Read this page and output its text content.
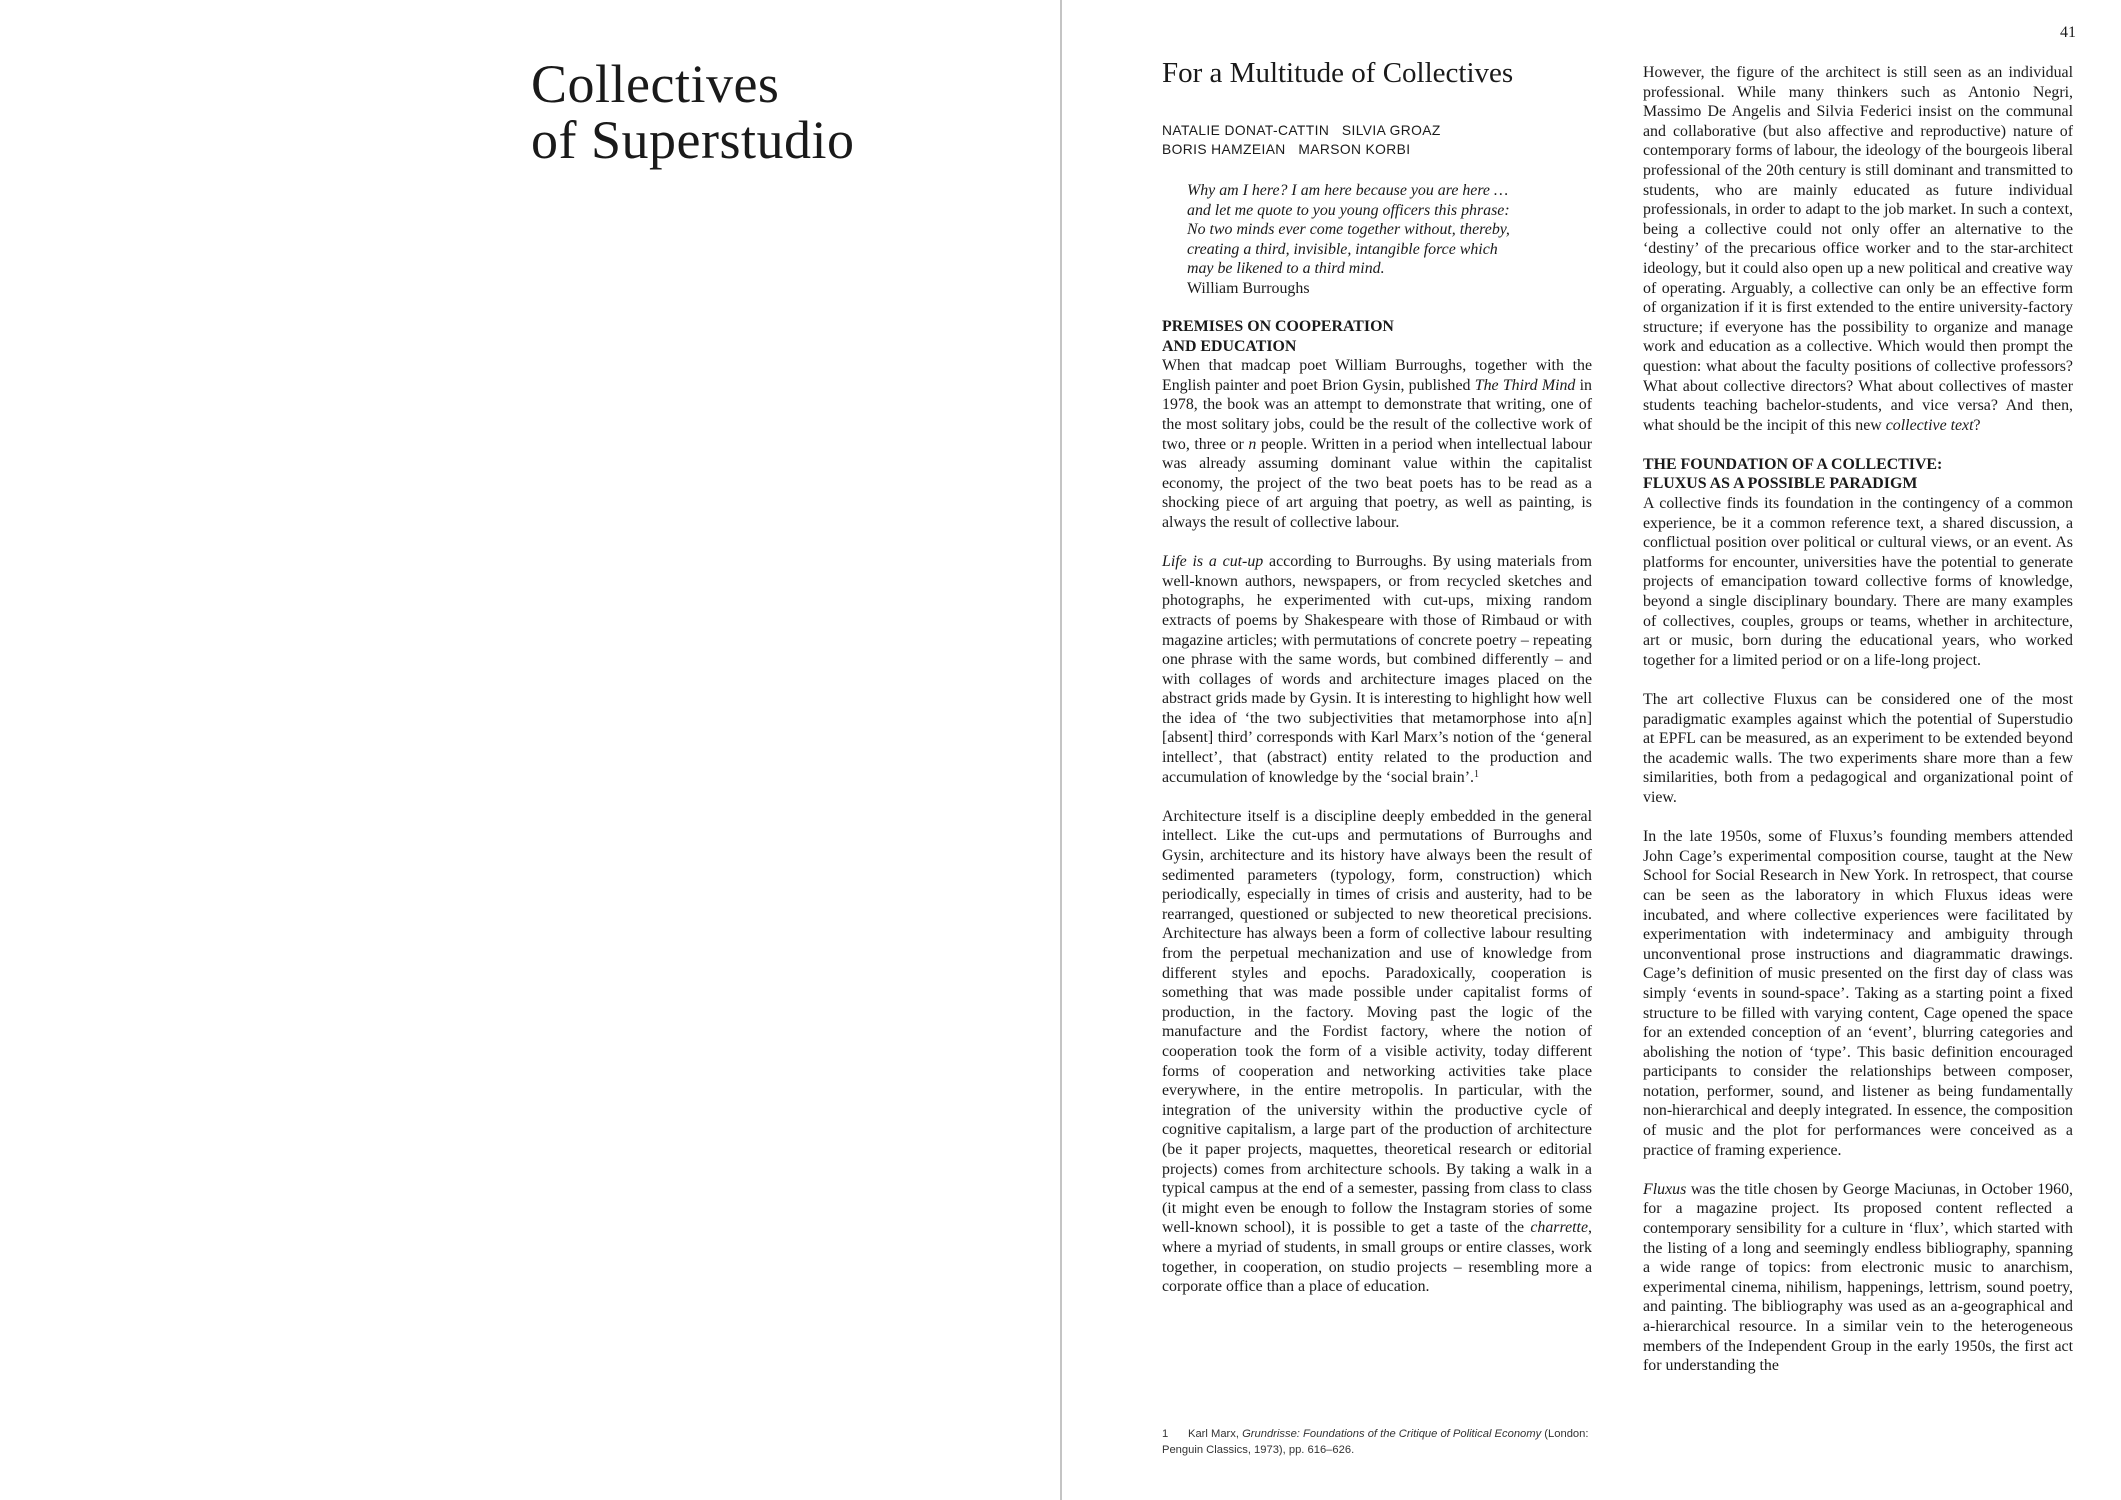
Collectives
of Superstudio
41
For a Multitude of Collectives
NATALIE DONAT-CATTIN   SILVIA GROAZ
BORIS HAMZEIAN   MARSON KORBI
Why am I here? I am here because you are here …
and let me quote to you young officers this phrase:
No two minds ever come together without, thereby,
creating a third, invisible, intangible force which
may be likened to a third mind.
William Burroughs
PREMISES ON COOPERATION
AND EDUCATION

When that madcap poet William Burroughs, together with the English painter and poet Brion Gysin, published The Third Mind in 1978, the book was an attempt to demonstrate that writing, one of the most solitary jobs, could be the result of the collective work of two, three or n people. Written in a period when intellectual labour was already assuming dominant value within the capitalist economy, the project of the two beat poets has to be read as a shocking piece of art arguing that poetry, as well as painting, is always the result of collective labour.

Life is a cut-up according to Burroughs. By using materials from well-known authors, newspapers, or from recycled sketches and photographs, he experimented with cut-ups, mixing random extracts of poems by Shakespeare with those of Rimbaud or with magazine articles; with permutations of concrete poetry – repeating one phrase with the same words, but combined differently – and with collages of words and architecture images placed on the abstract grids made by Gysin. It is interesting to highlight how well the idea of ‘the two subjectivities that metamorphose into a[n] [absent] third’ corresponds with Karl Marx’s notion of the ‘general intellect’, that (abstract) entity related to the production and accumulation of knowledge by the ‘social brain’.$^1$

Architecture itself is a discipline deeply embedded in the general intellect. Like the cut-ups and permutations of Burroughs and Gysin, architecture and its history have always been the result of sedimented parameters (typology, form, construction) which periodically, especially in times of crisis and austerity, had to be rearranged, questioned or subjected to new theoretical precisions. Architecture has always been a form of collective labour resulting from the perpetual mechanization and use of knowledge from different styles and epochs. Paradoxically, cooperation is something that was made possible under capitalist forms of production, in the factory. Moving past the logic of the manufacture and the Fordist factory, where the notion of cooperation took the form of a visible activity, today different forms of cooperation and networking activities take place everywhere, in the entire metropolis. In particular, with the integration of the university within the productive cycle of cognitive capitalism, a large part of the production of architecture (be it paper projects, maquettes, theoretical research or editorial projects) comes from architecture schools. By taking a walk in a typical campus at the end of a semester, passing from class to class (it might even be enough to follow the Instagram stories of some well-known school), it is possible to get a taste of the charrette, where a myriad of students, in small groups or entire classes, work together, in cooperation, on studio projects – resembling more a corporate office than a place of education.

However, the figure of the architect is still seen as an individual professional. While many thinkers such as Antonio Negri, Massimo De Angelis and Silvia Federici insist on the communal and collaborative (but also affective and reproductive) nature of contemporary forms of labour, the ideology of the bourgeois liberal professional of the 20th century is still dominant and transmitted to students, who are mainly educated as future individual professionals, in order to adapt to the job market. In such a context, being a collective could not only offer an alternative to the ‘destiny’ of the precarious office worker and to the star-architect ideology, but it could also open up a new political and creative way of operating. Arguably, a collective can only be an effective form of organization if it is first extended to the entire university-factory structure; if everyone has the possibility to organize and manage work and education as a collective. Which would then prompt the question: what about the faculty positions of collective professors? What about collective directors? What about collectives of master students teaching bachelor-students, and vice versa? And then, what should be the incipit of this new collective text?

THE FOUNDATION OF A COLLECTIVE:
FLUXUS AS A POSSIBLE PARADIGM

A collective finds its foundation in the contingency of a common experience, be it a common reference text, a shared discussion, a conflictual position over political or cultural views, or an event. As platforms for encounter, universities have the potential to generate projects of emancipation toward collective forms of knowledge, beyond a single disciplinary boundary. There are many examples of collectives, couples, groups or teams, whether in architecture, art or music, born during the educational years, who worked together for a limited period or on a life-long project.

The art collective Fluxus can be considered one of the most paradigmatic examples against which the potential of Superstudio at EPFL can be measured, as an experiment to be extended beyond the academic walls. The two experiments share more than a few similarities, both from a pedagogical and organizational point of view.

In the late 1950s, some of Fluxus’s founding members attended John Cage’s experimental composition course, taught at the New School for Social Research in New York. In retrospect, that course can be seen as the laboratory in which Fluxus ideas were incubated, and where collective experiences were facilitated by experimentation with indeterminacy and ambiguity through unconventional prose instructions and diagrammatic drawings. Cage’s definition of music presented on the first day of class was simply ‘events in sound-space’. Taking as a starting point a fixed structure to be filled with varying content, Cage opened the space for an extended conception of an ‘event’, blurring categories and abolishing the notion of ‘type’. This basic definition encouraged participants to consider the relationships between composer, notation, performer, sound, and listener as being fundamentally non-hierarchical and deeply integrated. In essence, the composition of music and the plot for performances were conceived as a practice of framing experience.

Fluxus was the title chosen by George Maciunas, in October 1960, for a magazine project. Its proposed content reflected a contemporary sensibility for a culture in ‘flux’, which started with the listing of a long and seemingly endless bibliography, spanning a wide range of topics: from electronic music to anarchism, experimental cinema, nihilism, happenings, lettrism, sound poetry, and painting. The bibliography was used as an a-geographical and a-hierarchical resource. In a similar vein to the heterogeneous members of the Independent Group in the early 1950s, the first act for understanding the

1 Karl Marx, Grundrisse: Foundations of the Critique of Political Economy (London: Penguin Classics, 1973), pp. 616–626.
